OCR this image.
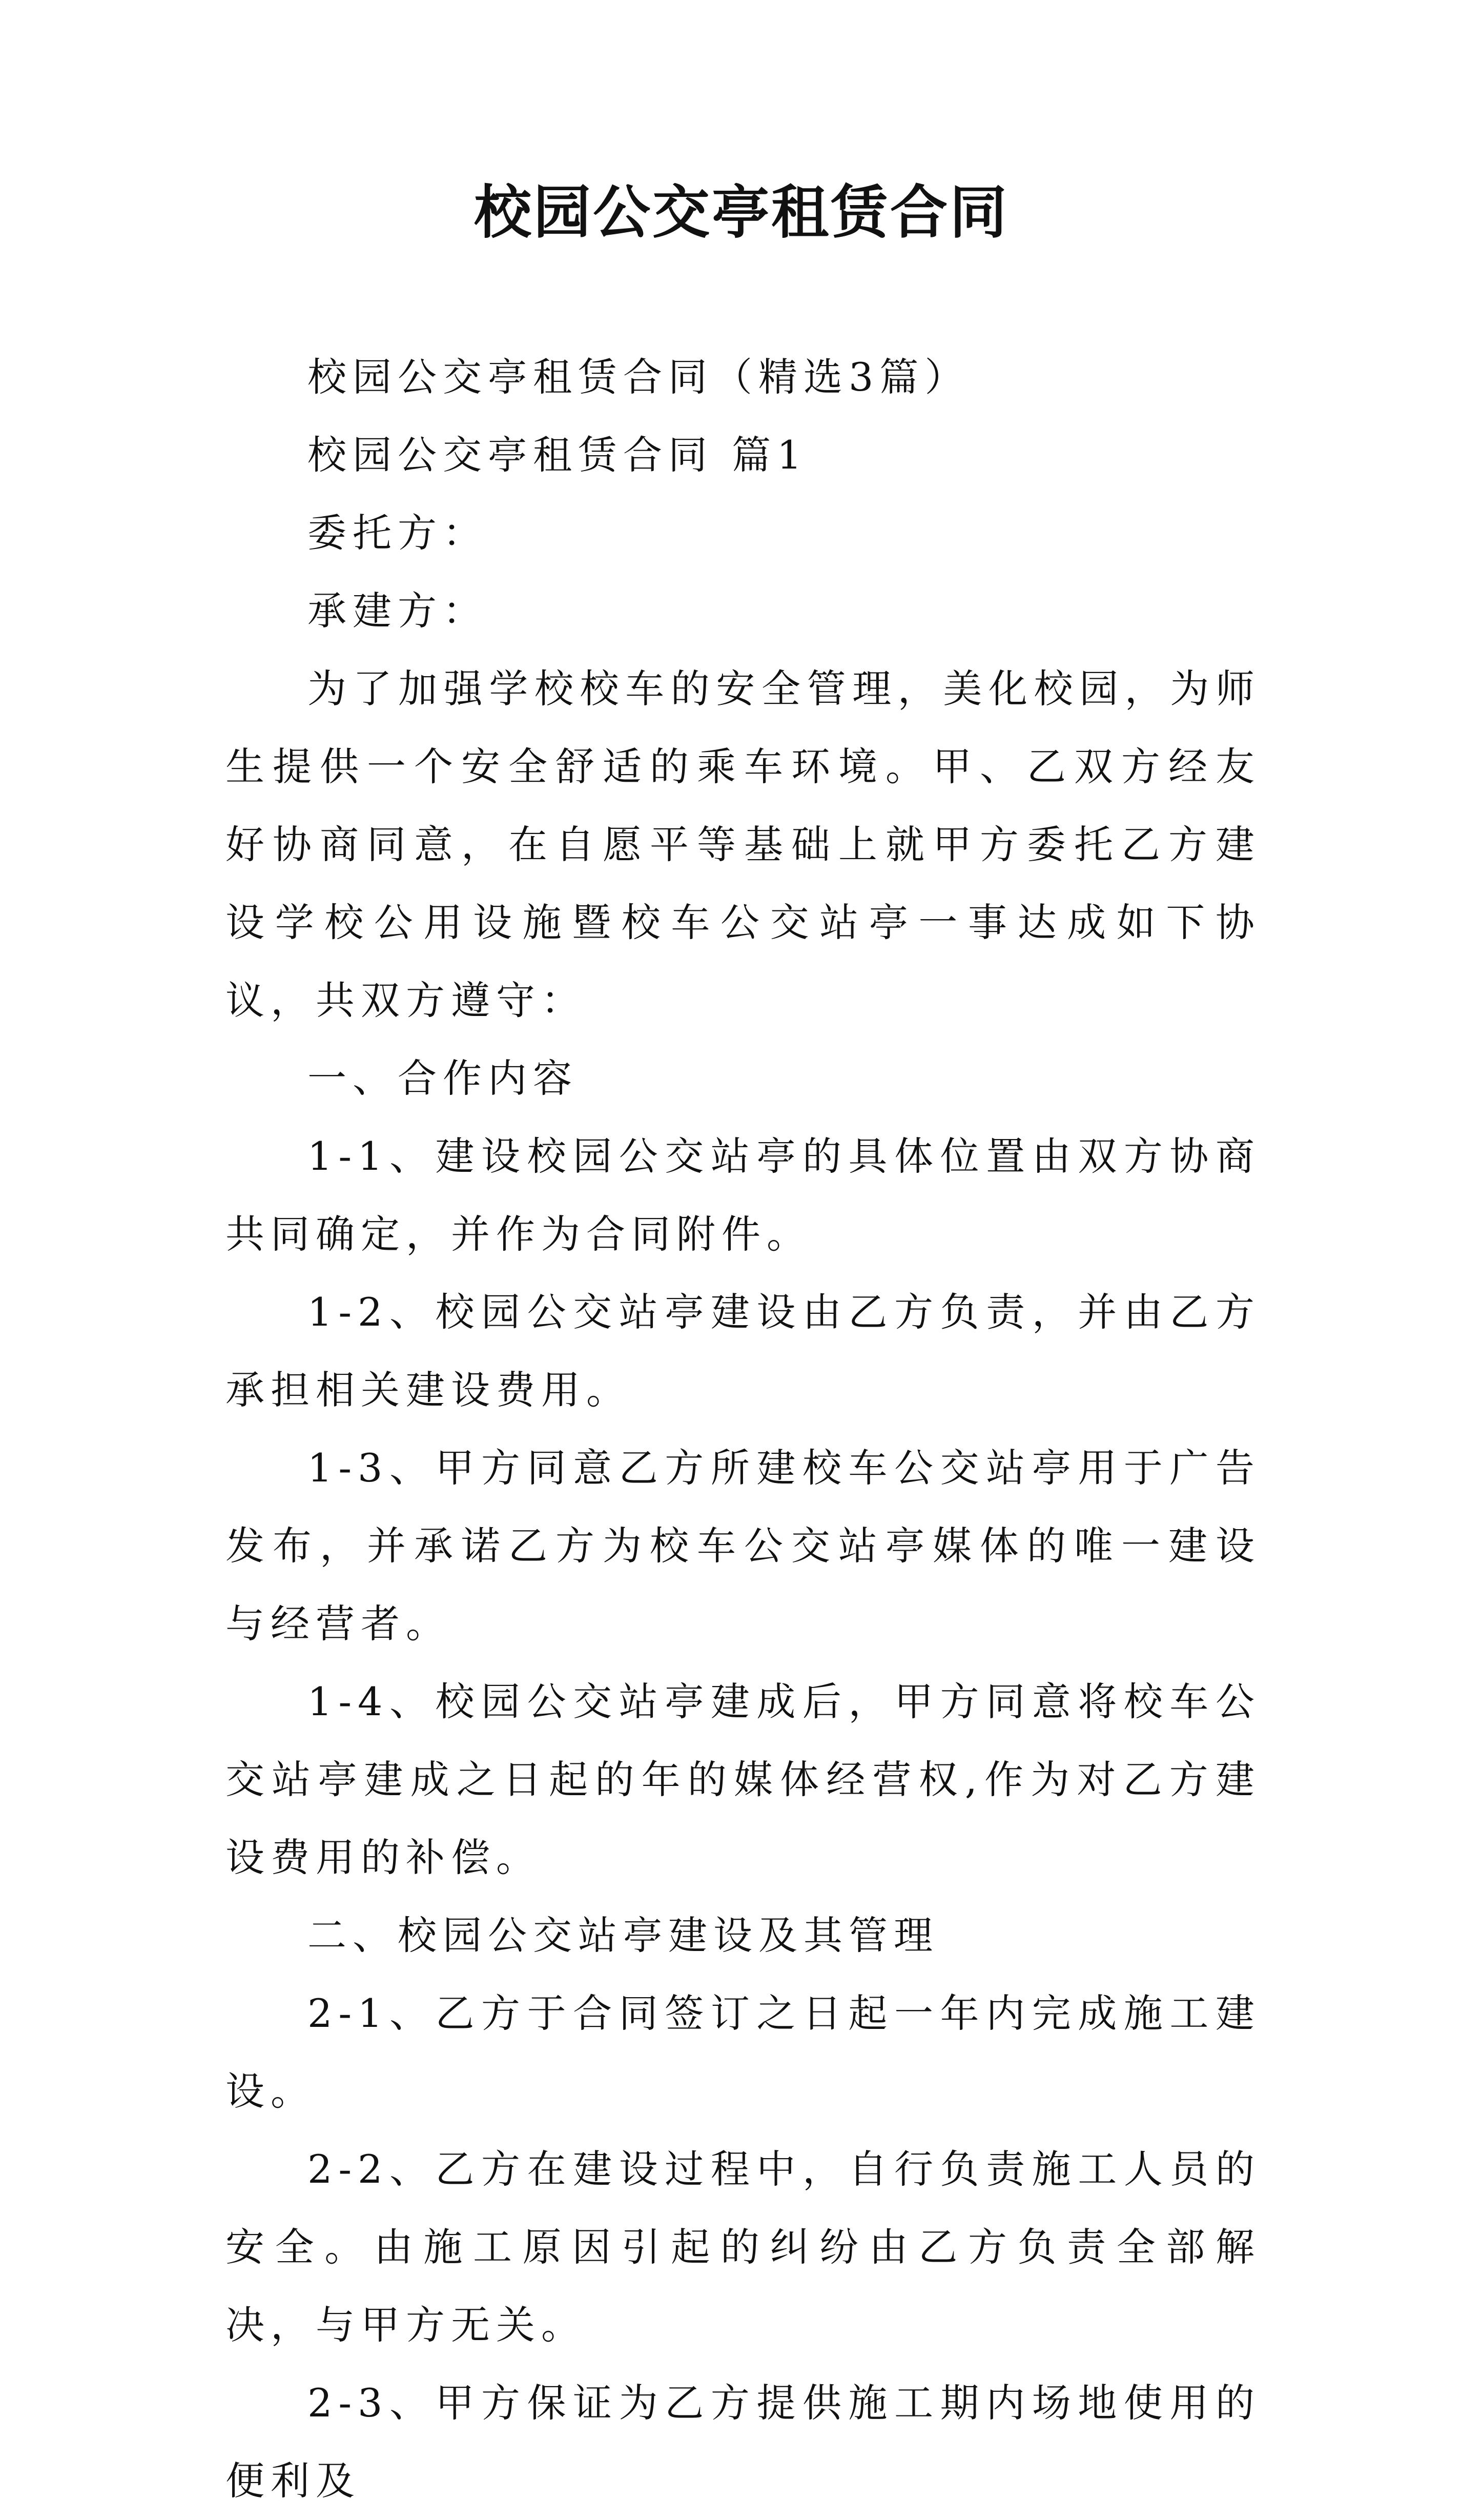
校园公交亭租赁合同

校园公交亭租赁合同（精选3篇）

校园公交亭租赁合同 篇1

委托方：

承建方：

为了加强学校校车的安全管理，美化校园，为师生提供一个安全舒适的乘车环境。甲、乙双方经友好协商同意，在自愿平等基础上就甲方委托乙方建设学校公用设施暨校车公交站亭一事达成如下协议，共双方遵守：

一、合作内容

1-1、建设校园公交站亭的具体位置由双方协商共同确定，并作为合同附件。

1-2、校园公交站亭建设由乙方负责，并由乙方承担相关建设费用。

1-3、甲方同意乙方所建校车公交站亭用于广告发布，并承诺乙方为校车公交站亭媒体的唯一建设与经营者。

1-4、校园公交站亭建成后，甲方同意将校车公交站亭建成之日起的年的媒体经营权,作为对乙方建设费用的补偿。

二、校园公交站亭建设及其管理

2-1、乙方于合同签订之日起一年内完成施工建设。

2-2、乙方在建设过程中，自行负责施工人员的安全。由施工原因引起的纠纷由乙方负责全部解决，与甲方无关。

2-3、甲方保证为乙方提供施工期内场地使用的便利及
